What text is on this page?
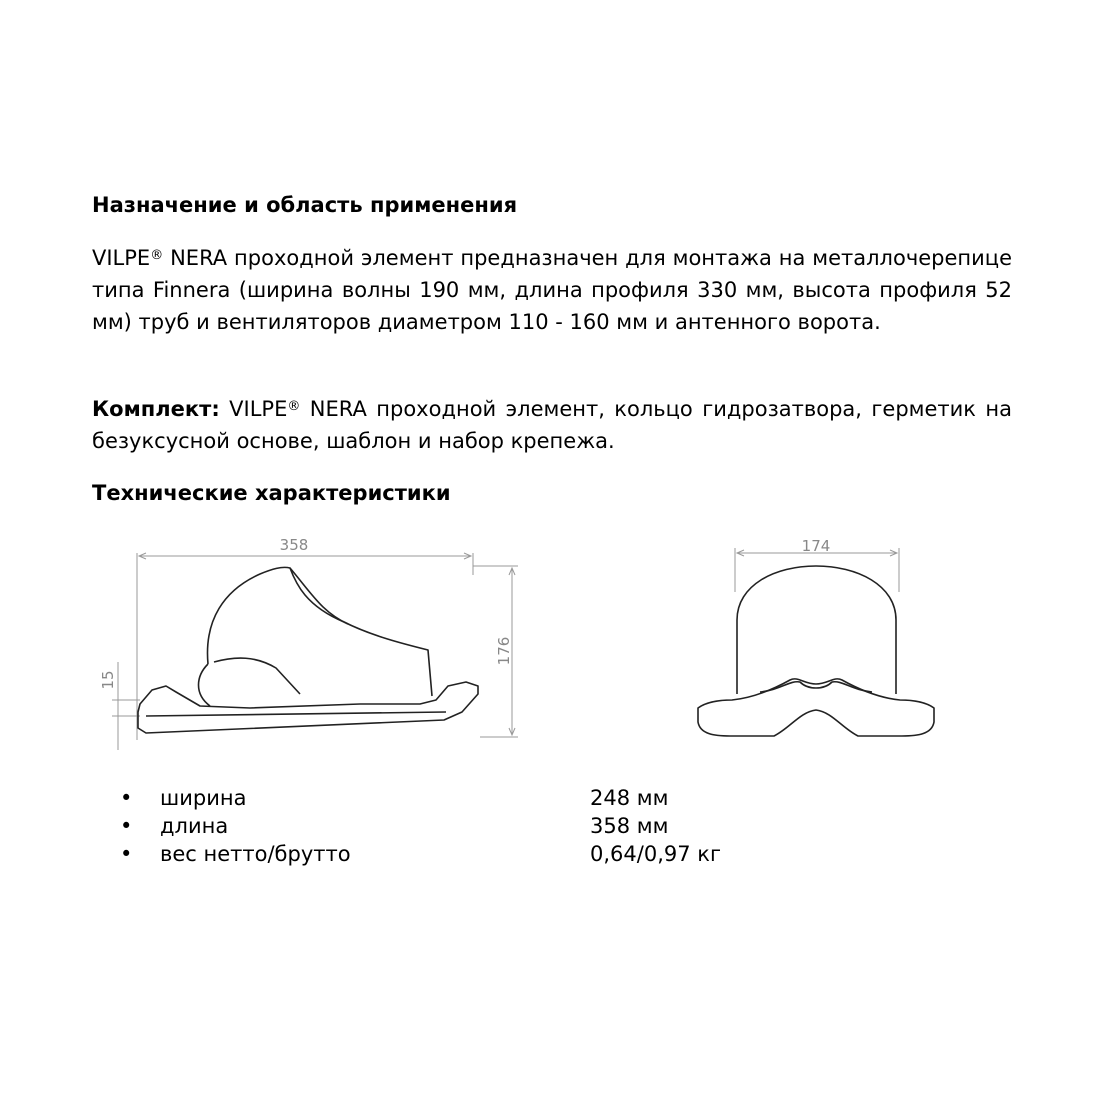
Назначение и область применения

VILPE® NERA проходной элемент предназначен для монтажа на металлочерепице типа Finnera (ширина волны 190 мм, длина профиля 330 мм, высота профиля 52 мм) труб и вентиляторов диаметром 110 - 160 мм и антенного ворота.

Комплект: VILPE® NERA проходной элемент, кольцо гидрозатвора, герметик на безуксусной основе, шаблон и набор крепежа.

Технические характеристики
358
176
15
174
•	ширина	248 мм
•	длина	358 мм
•	вес нетто/брутто	0,64/0,97 кг
